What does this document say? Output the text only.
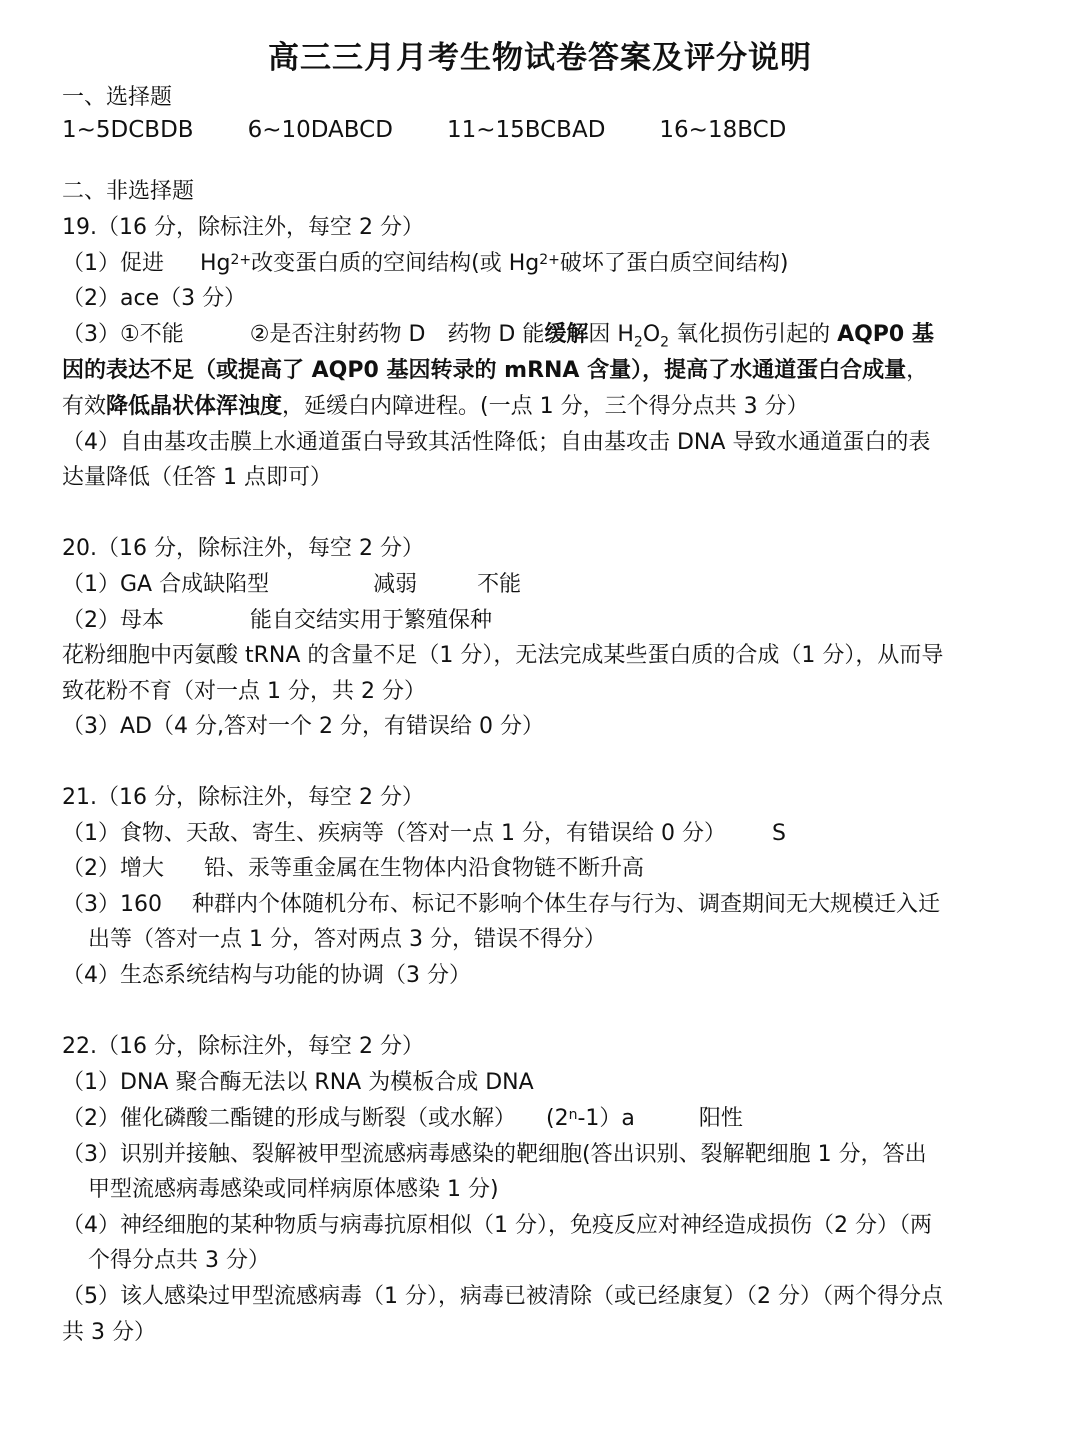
高三三月月考生物试卷答案及评分说明
一、选择题
1~5DCBDB 6~10DABCD 11~15BCBAD 16~18BCD
二、非选择题
19.（16 分，除标注外，每空 2 分）
（1）促进 $Hg^{2+}$改变蛋白质的空间结构(或 $Hg^{2+}$破坏了蛋白质空间结构)
（2）ace（3 分）
（3）①不能	②是否注射药物 D 药物 D 能缓解因 $H_2O_2$ 氧化损伤引起的 AQP0 基
因的表达不足（或提高了 AQP0 基因转录的 mRNA 含量），提高了水通道蛋白合成量，
有效降低晶状体浑浊度，延缓白内障进程。(一点 1 分，三个得分点共 3 分）
（4）自由基攻击膜上水通道蛋白导致其活性降低；自由基攻击 DNA 导致水通道蛋白的表
达量降低（任答 1 点即可）
20.（16 分，除标注外，每空 2 分）
（1）GA 合成缺陷型	减弱	不能
（2）母本	能自交结实用于繁殖保种
花粉细胞中丙氨酸 tRNA 的含量不足（1 分），无法完成某些蛋白质的合成（1 分），从而导
致花粉不育（对一点 1 分，共 2 分）
（3）AD（4 分,答对一个 2 分，有错误给 0 分）
21.（16 分，除标注外，每空 2 分）
（1）食物、天敌、寄生、疾病等（答对一点 1 分，有错误给 0 分） S
（2）增大 铅、汞等重金属在生物体内沿食物链不断升高
（3）160 种群内个体随机分布、标记不影响个体生存与行为、调查期间无大规模迁入迁
出等（答对一点 1 分，答对两点 3 分，错误不得分）
（4）生态系统结构与功能的协调（3 分）
22.（16 分，除标注外，每空 2 分）
（1）DNA 聚合酶无法以 RNA 为模板合成 DNA
（2）催化磷酸二酯键的形成与断裂（或水解） (2$^n$-1）a	阳性
（3）识别并接触、裂解被甲型流感病毒感染的靶细胞(答出识别、裂解靶细胞 1 分，答出
甲型流感病毒感染或同样病原体感染 1 分)
（4）神经细胞的某种物质与病毒抗原相似（1 分），免疫反应对神经造成损伤（2 分）（两
个得分点共 3 分）
（5）该人感染过甲型流感病毒（1 分），病毒已被清除（或已经康复）（2 分）（两个得分点
共 3 分）
